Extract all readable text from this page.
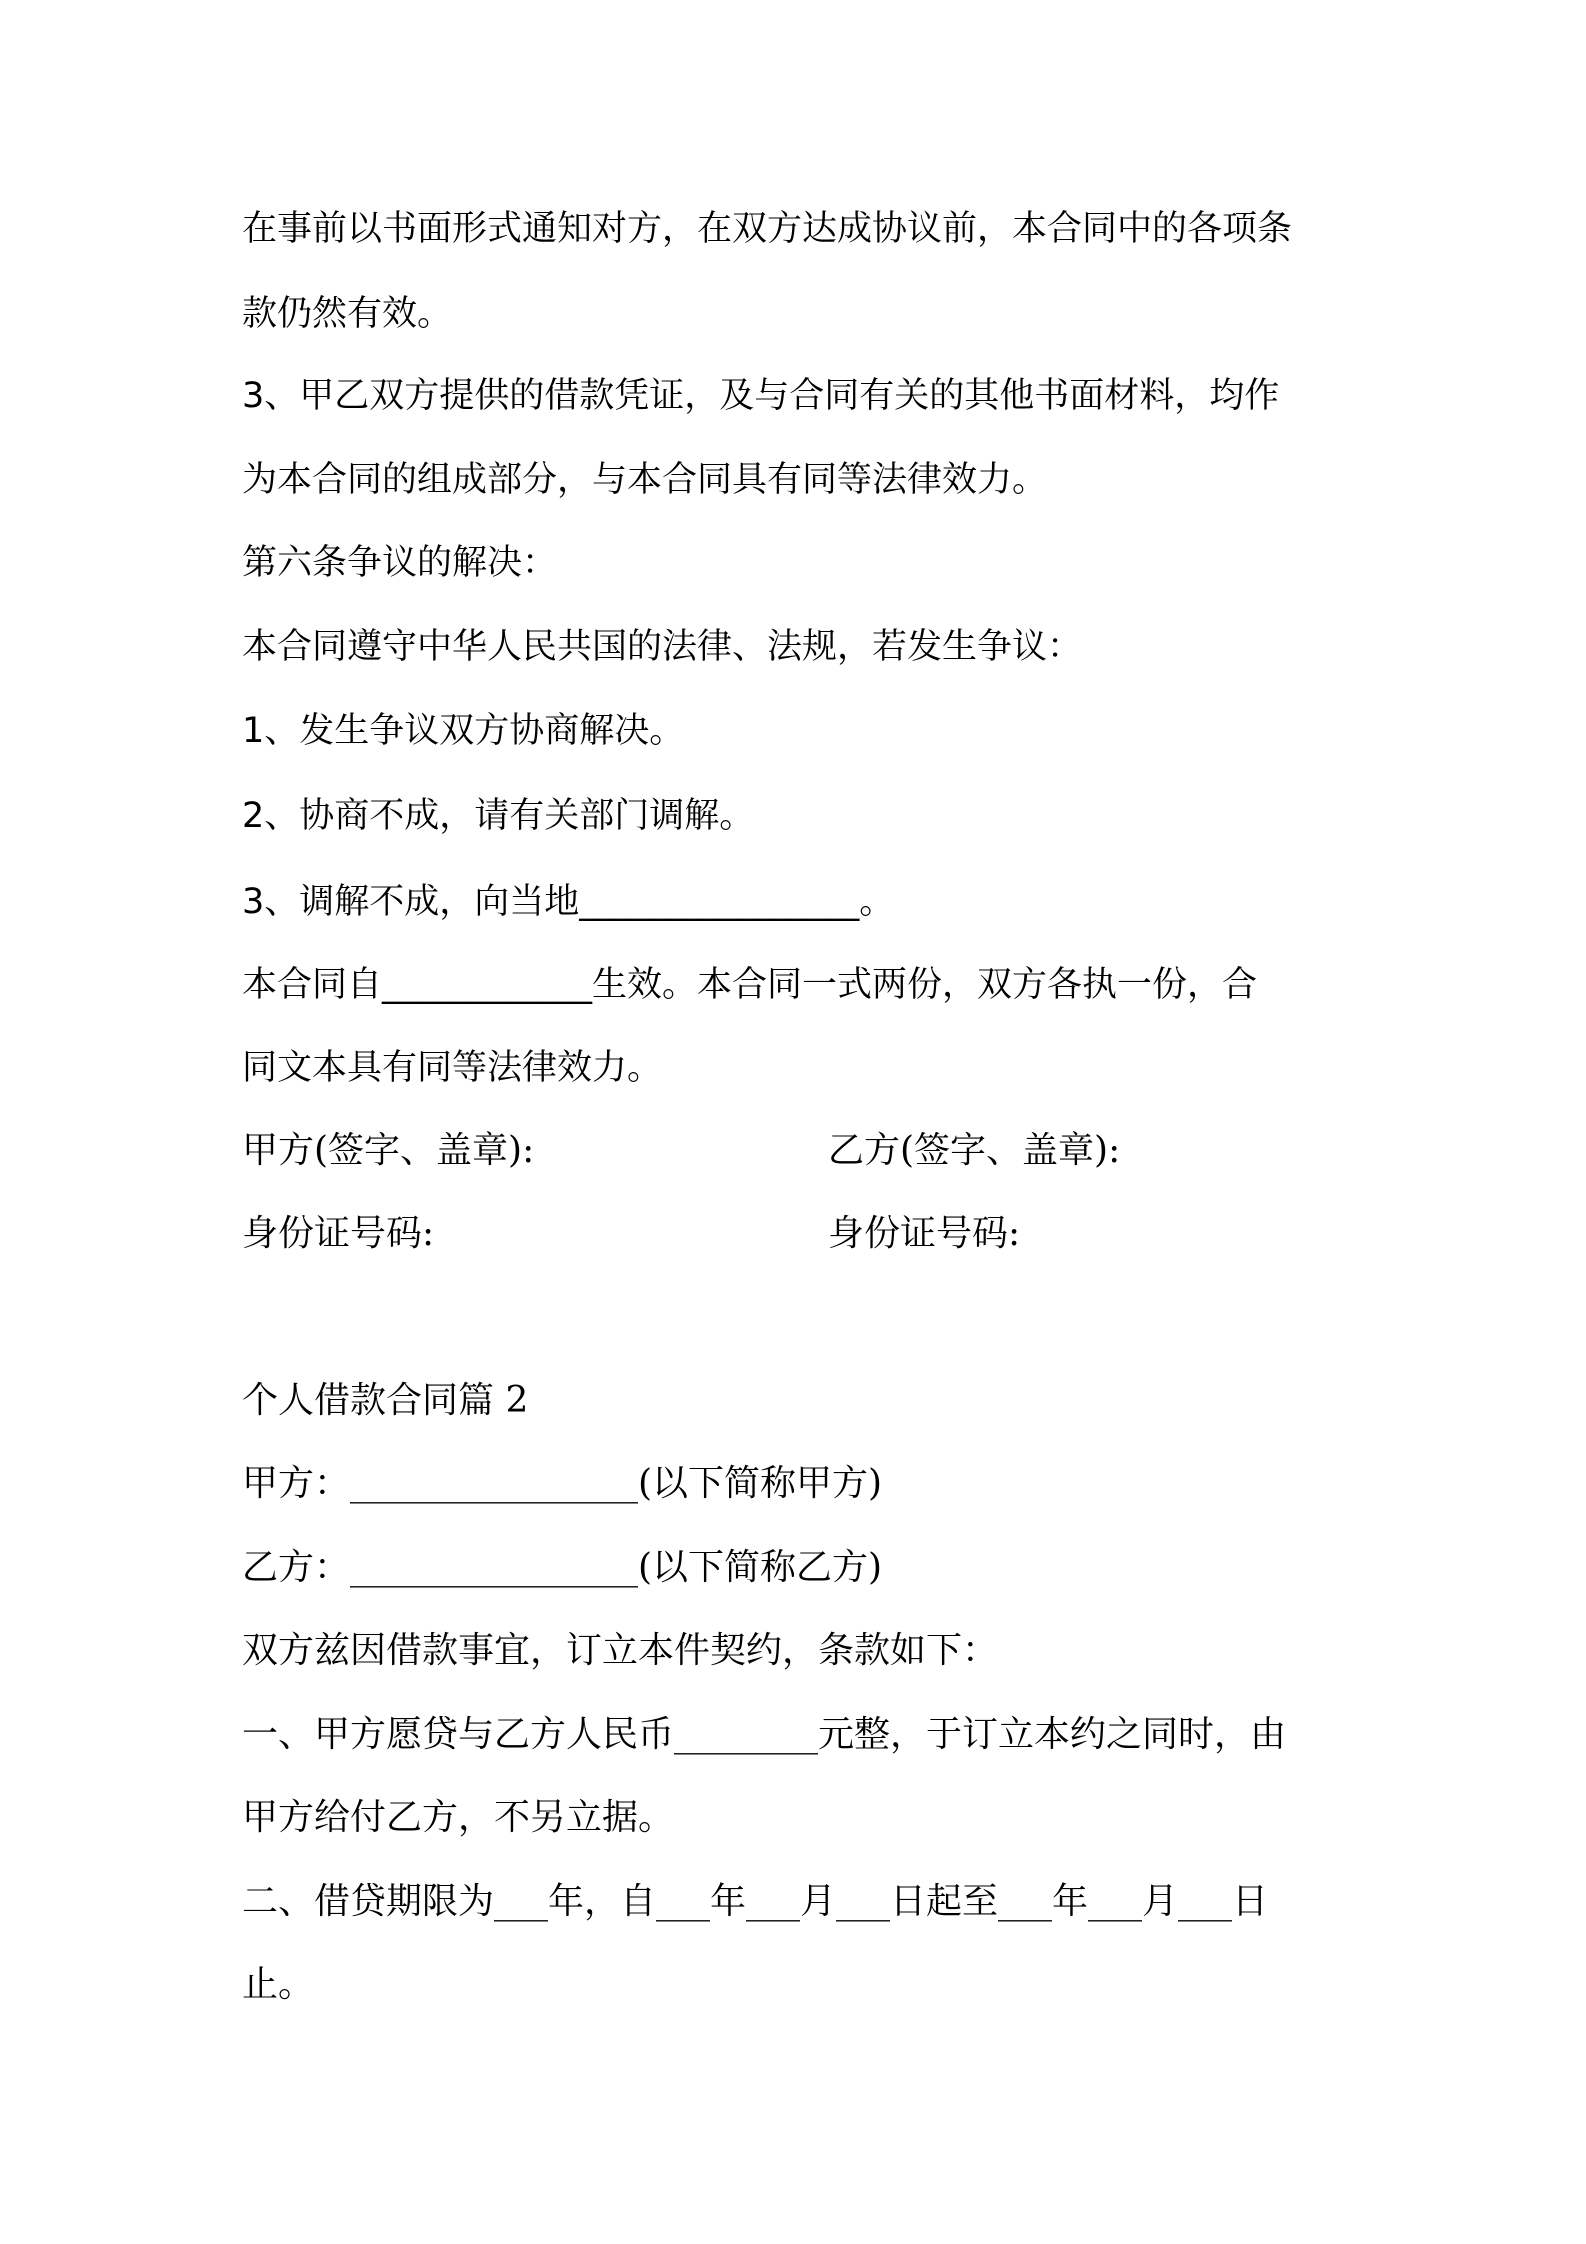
在事前以书面形式通知对方，在双方达成协议前，本合同中的各项条
款仍然有效。
3、甲乙双方提供的借款凭证，及与合同有关的其他书面材料，均作
为本合同的组成部分，与本合同具有同等法律效力。
第六条争议的解决：
本合同遵守中华人民共国的法律、法规，若发生争议：
1、发生争议双方协商解决。
2、协商不成，请有关部门调解。
3、调解不成，向当地________________。
本合同自____________生效。本合同一式两份，双方各执一份，合
同文本具有同等法律效力。
甲方(签字、盖章):	乙方(签字、盖章):
身份证号码:	身份证号码:
个人借款合同篇 2
甲方：________________(以下简称甲方)
乙方：________________(以下简称乙方)
双方兹因借款事宜，订立本件契约，条款如下：
一、甲方愿贷与乙方人民币________元整，于订立本约之同时，由
甲方给付乙方，不另立据。
二、借贷期限为___年，自___年___月___日起至___年___月___日
止。
